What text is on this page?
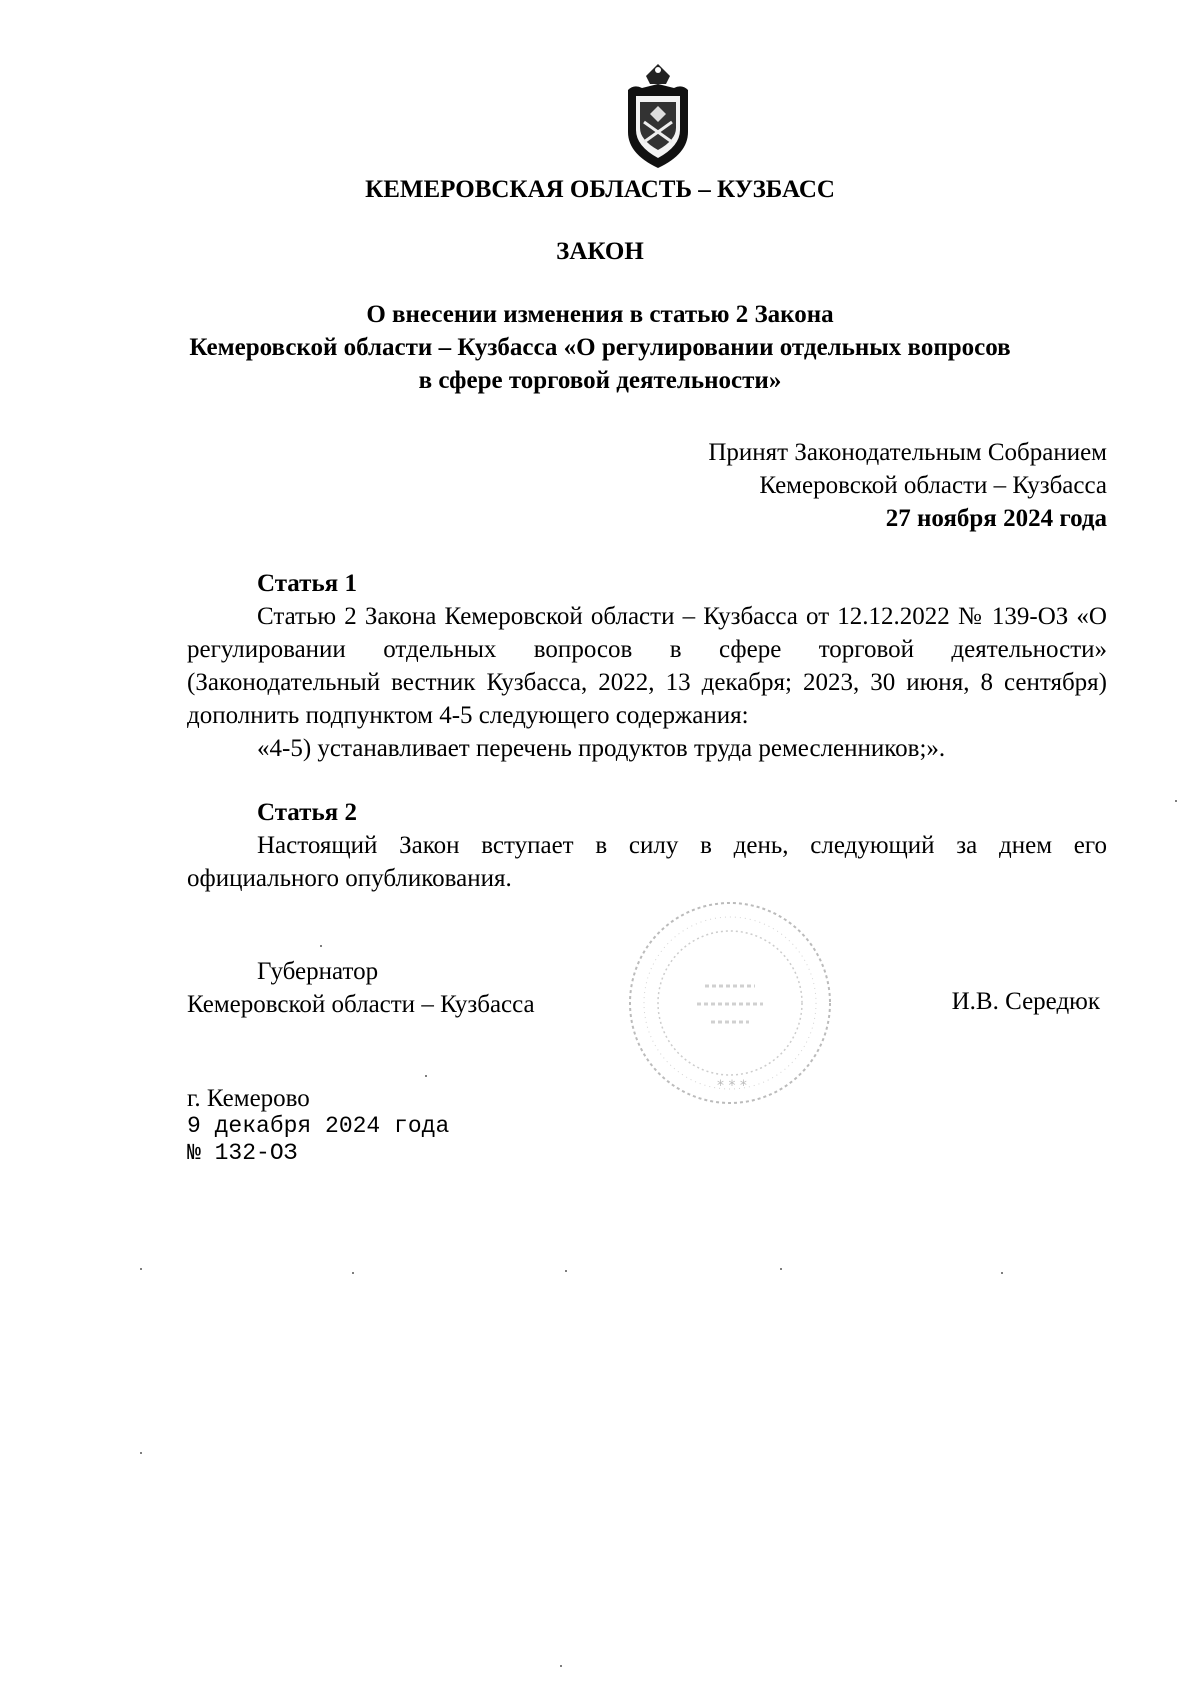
КЕМЕРОВСКАЯ ОБЛАСТЬ – КУЗБАСС
ЗАКОН
О внесении изменения в статью 2 Закона
Кемеровской области – Кузбасса «О регулировании отдельных вопросов
в сфере торговой деятельности»
Принят Законодательным Собранием
Кемеровской области – Кузбасса
27 ноября 2024 года
Статья 1

Статью 2 Закона Кемеровской области – Кузбасса от 12.12.2022 № 139-ОЗ «О регулировании отдельных вопросов в сфере торговой деятельности» (Законодательный вестник Кузбасса, 2022, 13 декабря; 2023, 30 июня, 8 сентября) дополнить подпунктом 4-5 следующего содержания:

«4-5) устанавливает перечень продуктов труда ремесленников;».

Статья 2

Настоящий Закон вступает в силу в день, следующий за днем его официального опубликования.

Губернатор
Кемеровской области – Кузбасса
* * *
И.В. Середюк
г. Кемерово
9 декабря 2024 года
№ 132-ОЗ
